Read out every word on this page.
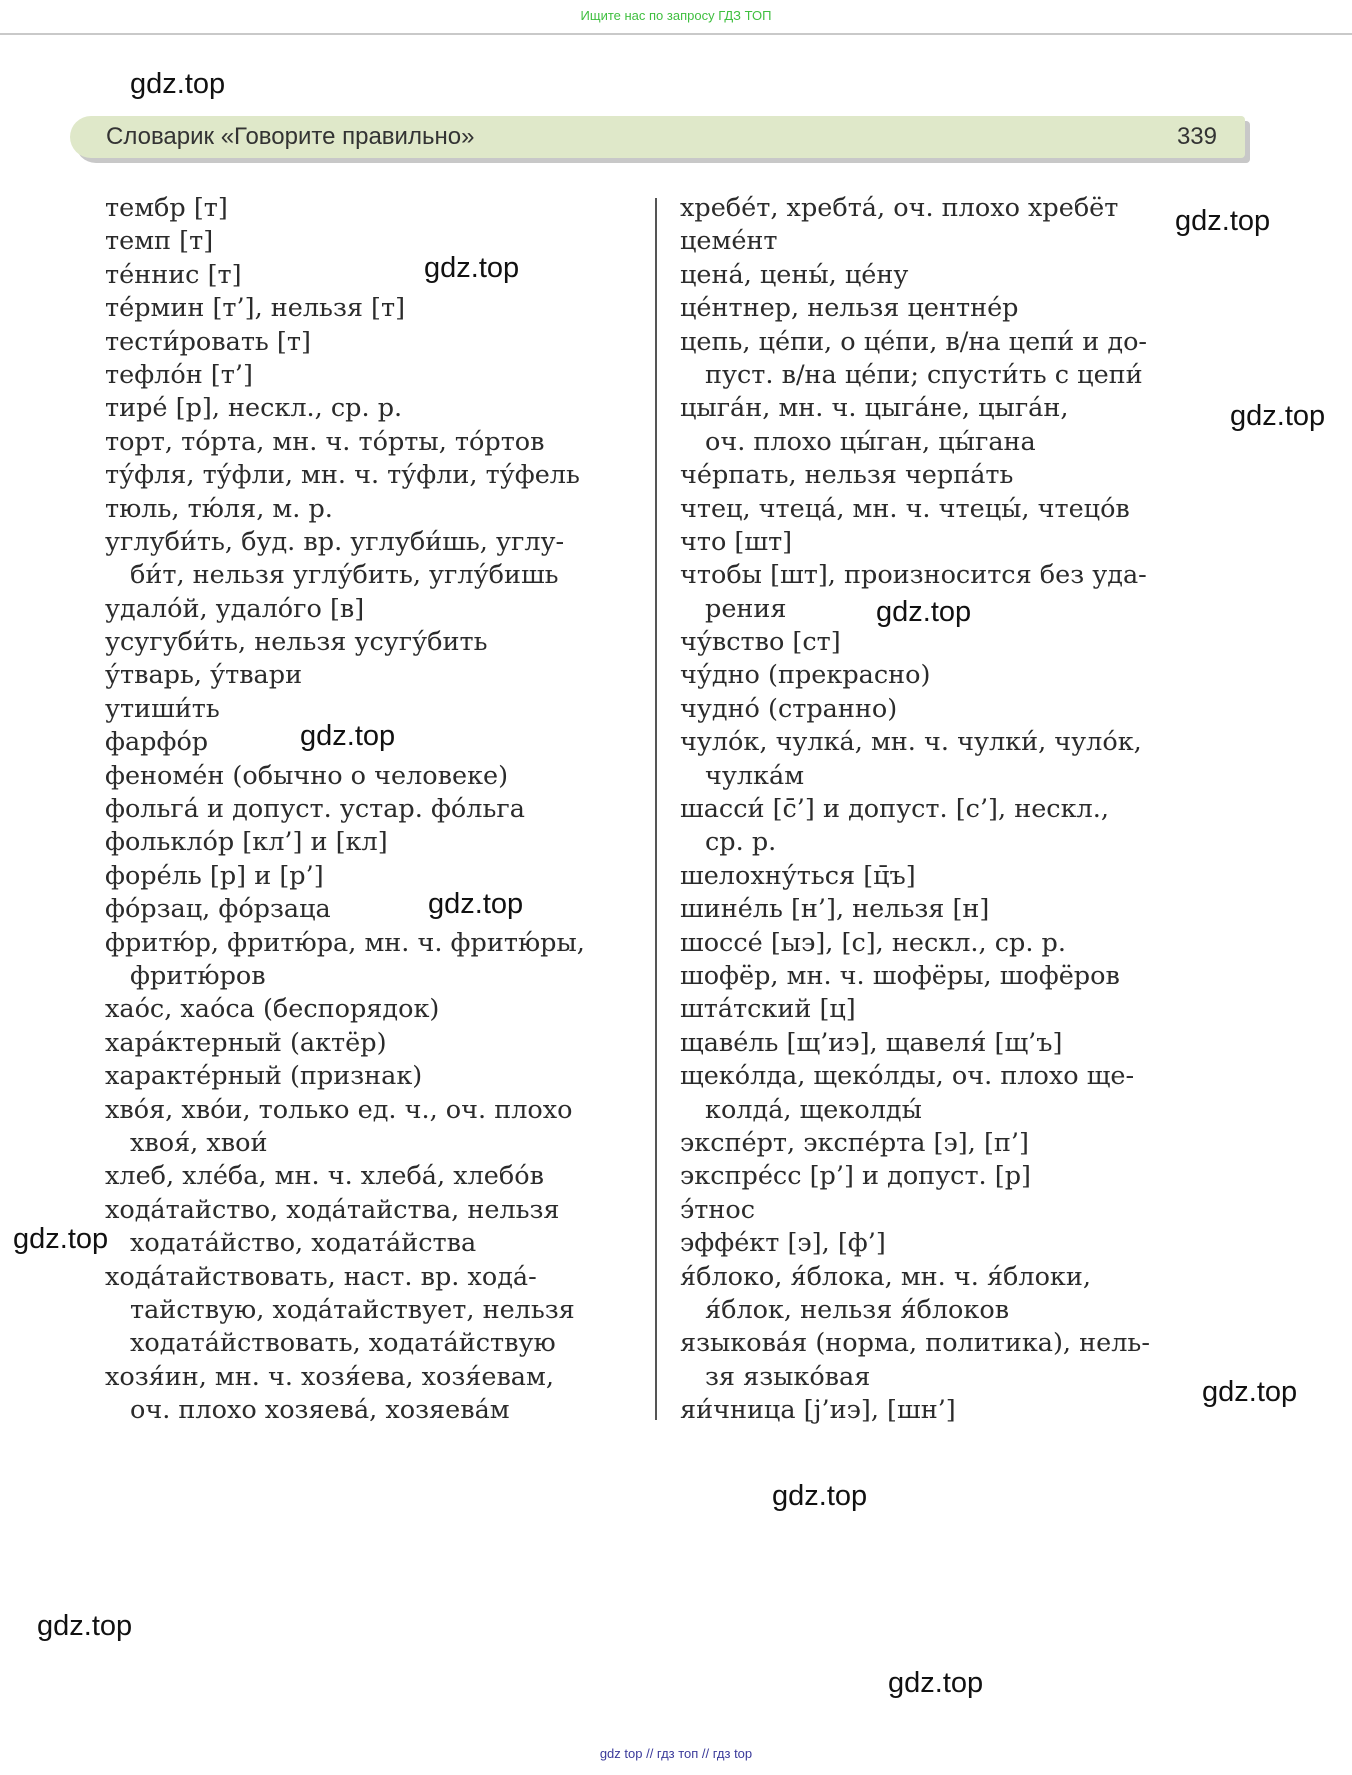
Ищите нас по запросу ГДЗ ТОП
Словарик «Говорите правильно»	339
тембр [т]
темп [т]
те́ннис [т]
те́рмин [т’], нельзя [т]
тести́ровать [т]
тефло́н [т’]
тире́ [р], нескл., ср. р.
торт, то́рта, мн. ч. то́рты, то́ртов
ту́фля, ту́фли, мн. ч. ту́фли, ту́фель
тюль, тю́ля, м. р.
углуби́ть, буд. вр. углуби́шь, углу-
би́т, нельзя углу́бить, углу́бишь
удало́й, удало́го [в]
усугуби́ть, нельзя усугу́бить
у́тварь, у́твари
утиши́ть
фарфо́р
феноме́н (обычно о человеке)
фольга́ и допуст. устар. фо́льга
фолькло́р [кл’] и [кл]
форе́ль [р] и [р’]
фо́рзац, фо́рзаца
фритю́р, фритю́ра, мн. ч. фритю́ры,
фритю́ров
хао́с, хао́са (беспорядок)
хара́ктерный (актёр)
характе́рный (признак)
хво́я, хво́и, только ед. ч., оч. плохо
хвоя́, хвои́
хлеб, хле́ба, мн. ч. хлеба́, хлебо́в
хода́тайство, хода́тайства, нельзя
ходата́йство, ходата́йства
хода́тайствовать, наст. вр. хода́-
тайствую, хода́тайствует, нельзя
ходата́йствовать, ходата́йствую
хозя́ин, мн. ч. хозя́ева, хозя́евам,
оч. плохо хозяева́, хозяева́м
хребе́т, хребта́, оч. плохо хребёт
цеме́нт
цена́, цены́, це́ну
це́нтнер, нельзя центне́р
цепь, це́пи, о це́пи, в/на цепи́ и до-
пуст. в/на це́пи; спусти́ть с цепи́
цыга́н, мн. ч. цыга́не, цыга́н,
оч. плохо цы́ган, цы́гана
че́рпать, нельзя черпа́ть
чтец, чтеца́, мн. ч. чтецы́, чтецо́в
что [шт]
чтобы [шт], произносится без уда-
рения
чу́вство [ст]
чу́дно (прекрасно)
чудно́ (странно)
чуло́к, чулка́, мн. ч. чулки́, чуло́к,
чулка́м
шасси́ [с̄’] и допуст. [с’], нескл.,
ср. р.
шелохну́ться [ц̄ъ]
шине́ль [н’], нельзя [н]
шоссе́ [ыэ], [с], нескл., ср. р.
шофёр, мн. ч. шофёры, шофёров
шта́тский [ц]
щаве́ль [щ’иэ], щавеля́ [щ’ъ]
щеко́лда, щеко́лды, оч. плохо ще-
колда́, щеколды́
экспе́рт, экспе́рта [э], [п’]
экспре́сс [р’] и допуст. [р]
э́тнос
эффе́кт [э], [ф’]
я́блоко, я́блока, мн. ч. я́блоки,
я́блок, нельзя я́блоков
языкова́я (норма, политика), нель-
зя языко́вая
яи́чница [j’иэ], [шн’]
gdz.top
gdz.top
gdz.top
gdz.top
gdz.top
gdz.top
gdz.top
gdz.top
gdz.top
gdz.top
gdz.top
gdz.top
gdz top // гдз топ // гдз top
